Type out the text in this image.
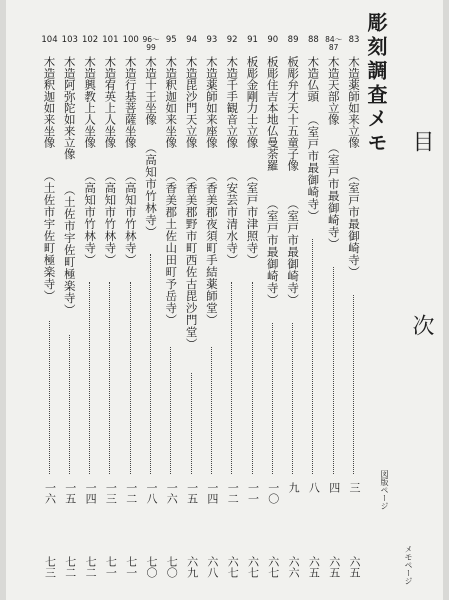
目　次
彫刻調査メモ
図版ページ
メモページ
83
木造薬師如来立像
（室戸市最御崎寺）
三
六五
84～87
木造天部立像
（室戸市最御崎寺）
四
六五
88
木造仏頭
（室戸市最御崎寺）
八
六五
89
板彫弁才天十五童子像
（室戸市最御崎寺）
九
六六
90
板彫住吉本地仏曼荼羅
（室戸市最御崎寺）
一〇
六七
91
板彫金剛力士立像
（室戸市津照寺）
一一
六七
92
木造千手観音立像
（安芸市清水寺）
一二
六七
93
木造薬師如来座像
（香美郡夜須町手結薬師堂）
一四
六八
94
木造毘沙門天立像
（香美郡野市町西佐古毘沙門堂）
一五
六九
95
木造釈迦如来坐像
（香美郡土佐山田町予岳寺）
一六
七〇
96～99
木造十王坐像
（高知市竹林寺）
一八
七〇
100
木造行基菩薩坐像
（高知市竹林寺）
一二
七一
101
木造宥英上人坐像
（高知市竹林寺）
一三
七一
102
木造興教上人坐像
（高知市竹林寺）
一四
七二
103
木造阿弥陀如来立像
（土佐市宇佐町極楽寺）
一五
七二
104
木造釈迦如来坐像
（土佐市宇佐町極楽寺）
一六
七三
